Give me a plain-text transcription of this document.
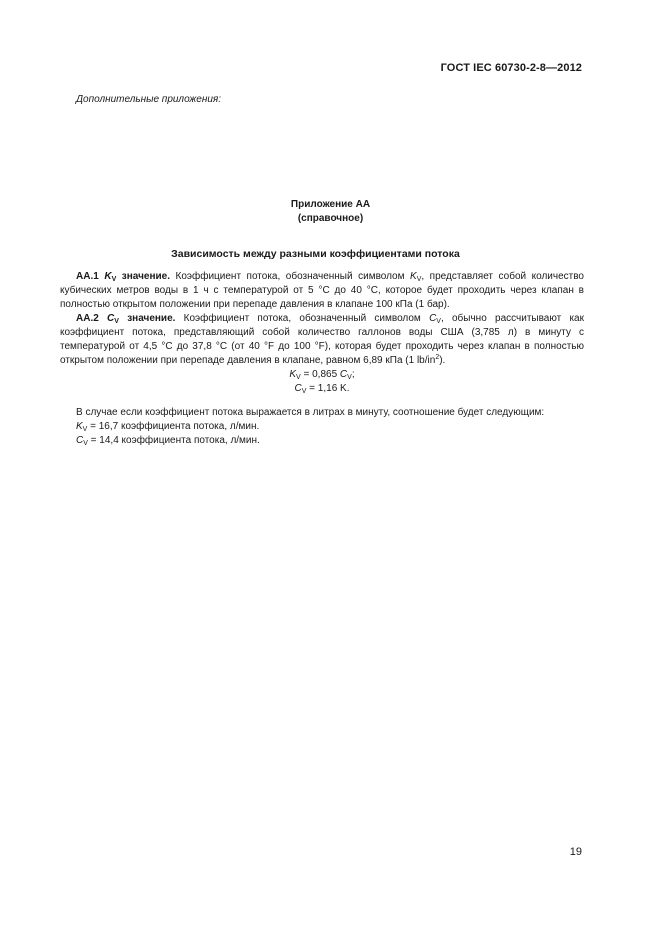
ГОСТ IEC 60730-2-8—2012
Дополнительные приложения:
Приложение АА
(справочное)
Зависимость между разными коэффициентами потока

АА.1 $K_V$ значение. Коэффициент потока, обозначенный символом $K_V$, представляет собой количество кубических метров воды в 1 ч с температурой от 5 °С до 40 °С, которое будет проходить через клапан в полностью открытом положении при перепаде давления в клапане 100 кПа (1 бар).

АА.2 $C_V$ значение. Коэффициент потока, обозначенный символом $C_V$, обычно рассчитывают как коэффициент потока, представляющий собой количество галлонов воды США (3,785 л) в минуту с температурой от 4,5 °С до 37,8 °С (от 40 °F до 100 °F), которая будет проходить через клапан в полностью открытом положении при перепаде давления в клапане, равном 6,89 кПа (1 $lb/in^2$).

$K_V = 0,865$ $C_V$;

$C_V = 1,16$ K.

В случае если коэффициент потока выражается в литрах в минуту, соотношение будет следующим:

$K_V = 16,7$ коэффициента потока, л/мин.

$C_V = 14,4$ коэффициента потока, л/мин.

19
